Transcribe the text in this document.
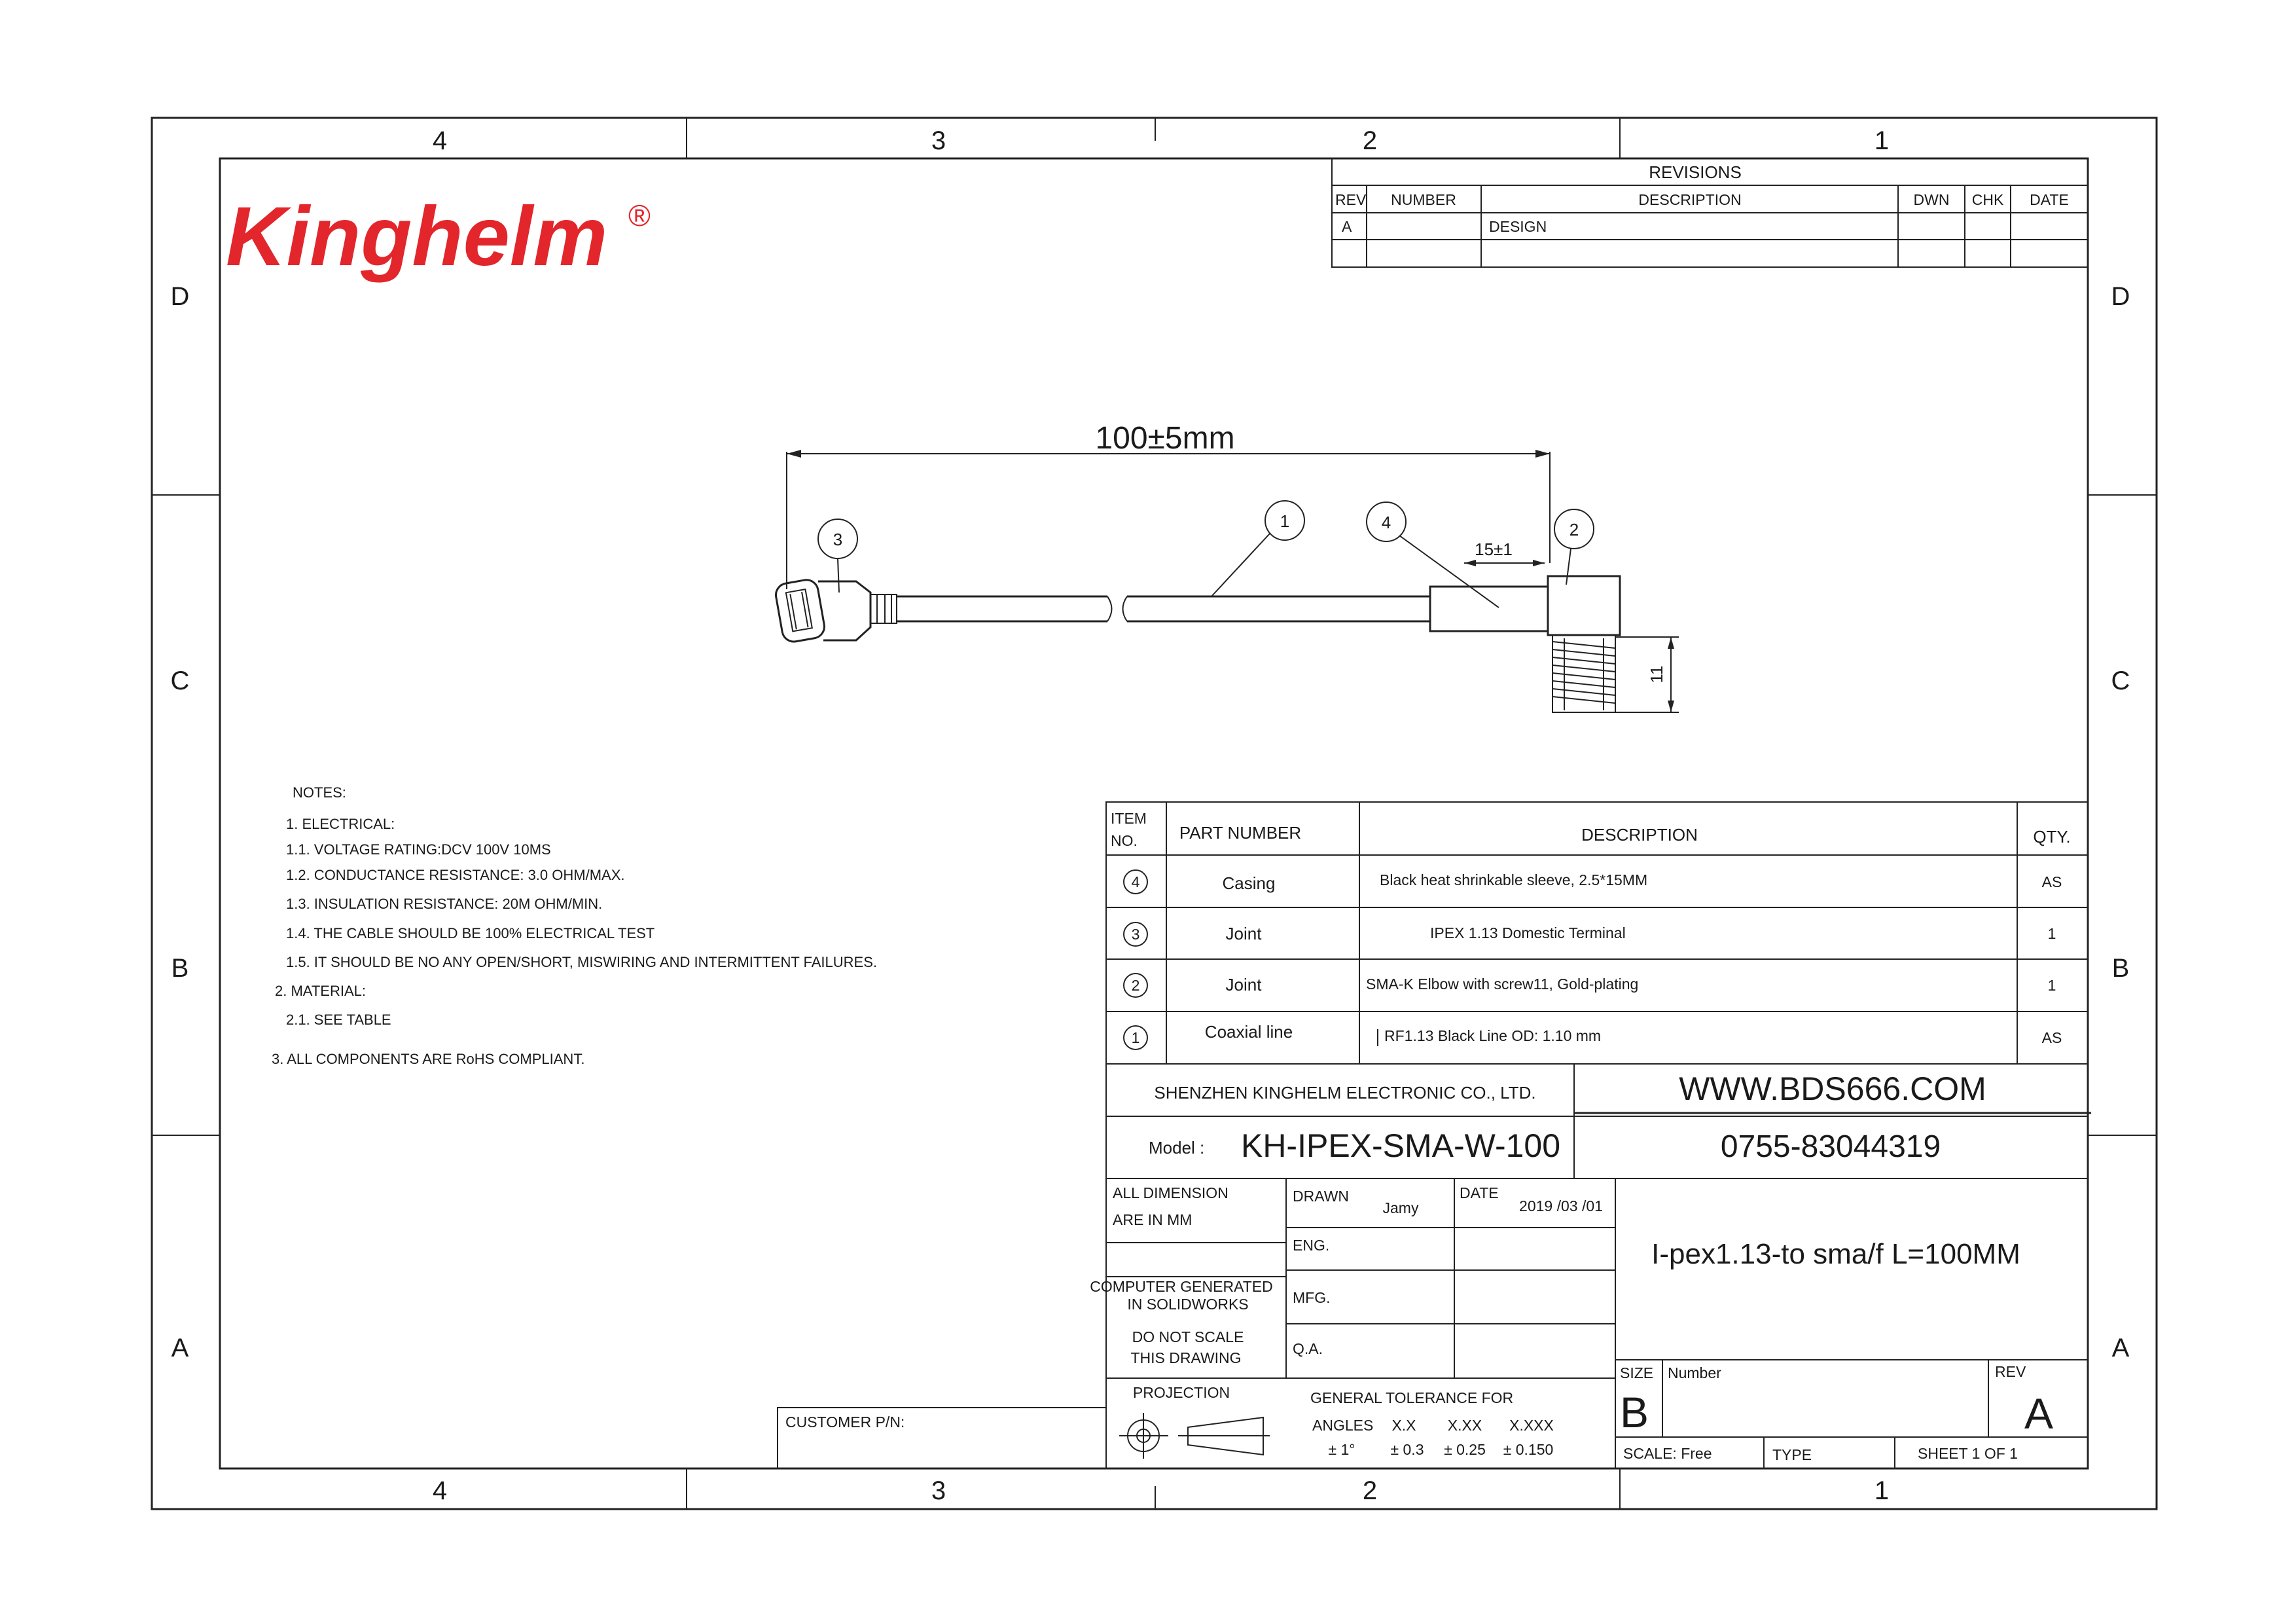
4	3	2	1
4	3	2	1
D
C
B
A
D
C
B
A
Kinghelm ®
REVISIONS
REV NUMBER	DESCRIPTION	DWN CHK DATE
A	DESIGN
100±5mm
15±1
11
1	2
3
4
NOTES:
1. ELECTRICAL:
1.1. VOLTAGE RATING:DCV 100V 10MS
1.2. CONDUCTANCE RESISTANCE: 3.0 OHM/MAX.
1.3. INSULATION RESISTANCE: 20M OHM/MIN.
1.4. THE CABLE SHOULD BE 100% ELECTRICAL TEST
1.5. IT SHOULD BE NO ANY OPEN/SHORT, MISWIRING AND INTERMITTENT FAILURES.
2. MATERIAL:
2.1. SEE TABLE
3. ALL COMPONENTS ARE RoHS COMPLIANT.
ITEM
NO. PART NUMBER	DESCRIPTION	QTY.
4	Casing	Black heat shrinkable sleeve, 2.5*15MM	AS
3	Joint	IPEX 1.13 Domestic Terminal	1
2	Joint	SMA-K Elbow with screw11, Gold-plating	1
1	Coaxial line	RF1.13 Black Line OD: 1.10 mm	AS
SHENZHEN KINGHELM ELECTRONIC CO., LTD.	WWW.BDS666.COM
Model : KH-IPEX-SMA-W-100	0755-83044319
ALL DIMENSION
ARE IN MM
COMPUTER GENERATED
IN SOLIDWORKS
DO NOT SCALE
THIS DRAWING
PROJECTION
DRAWN
Jamy
DATE
2019 /03 /01
ENG.
MFG.
Q.A.
GENERAL TOLERANCE FOR
ANGLES X.X X.XX X.XXX
± 1° ± 0.3 ± 0.25 ± 0.150
I-pex1.13-to sma/f L=100MM
SIZE
B
Number	REV
A
SCALE: Free	TYPE	SHEET 1 OF 1
CUSTOMER P/N:
